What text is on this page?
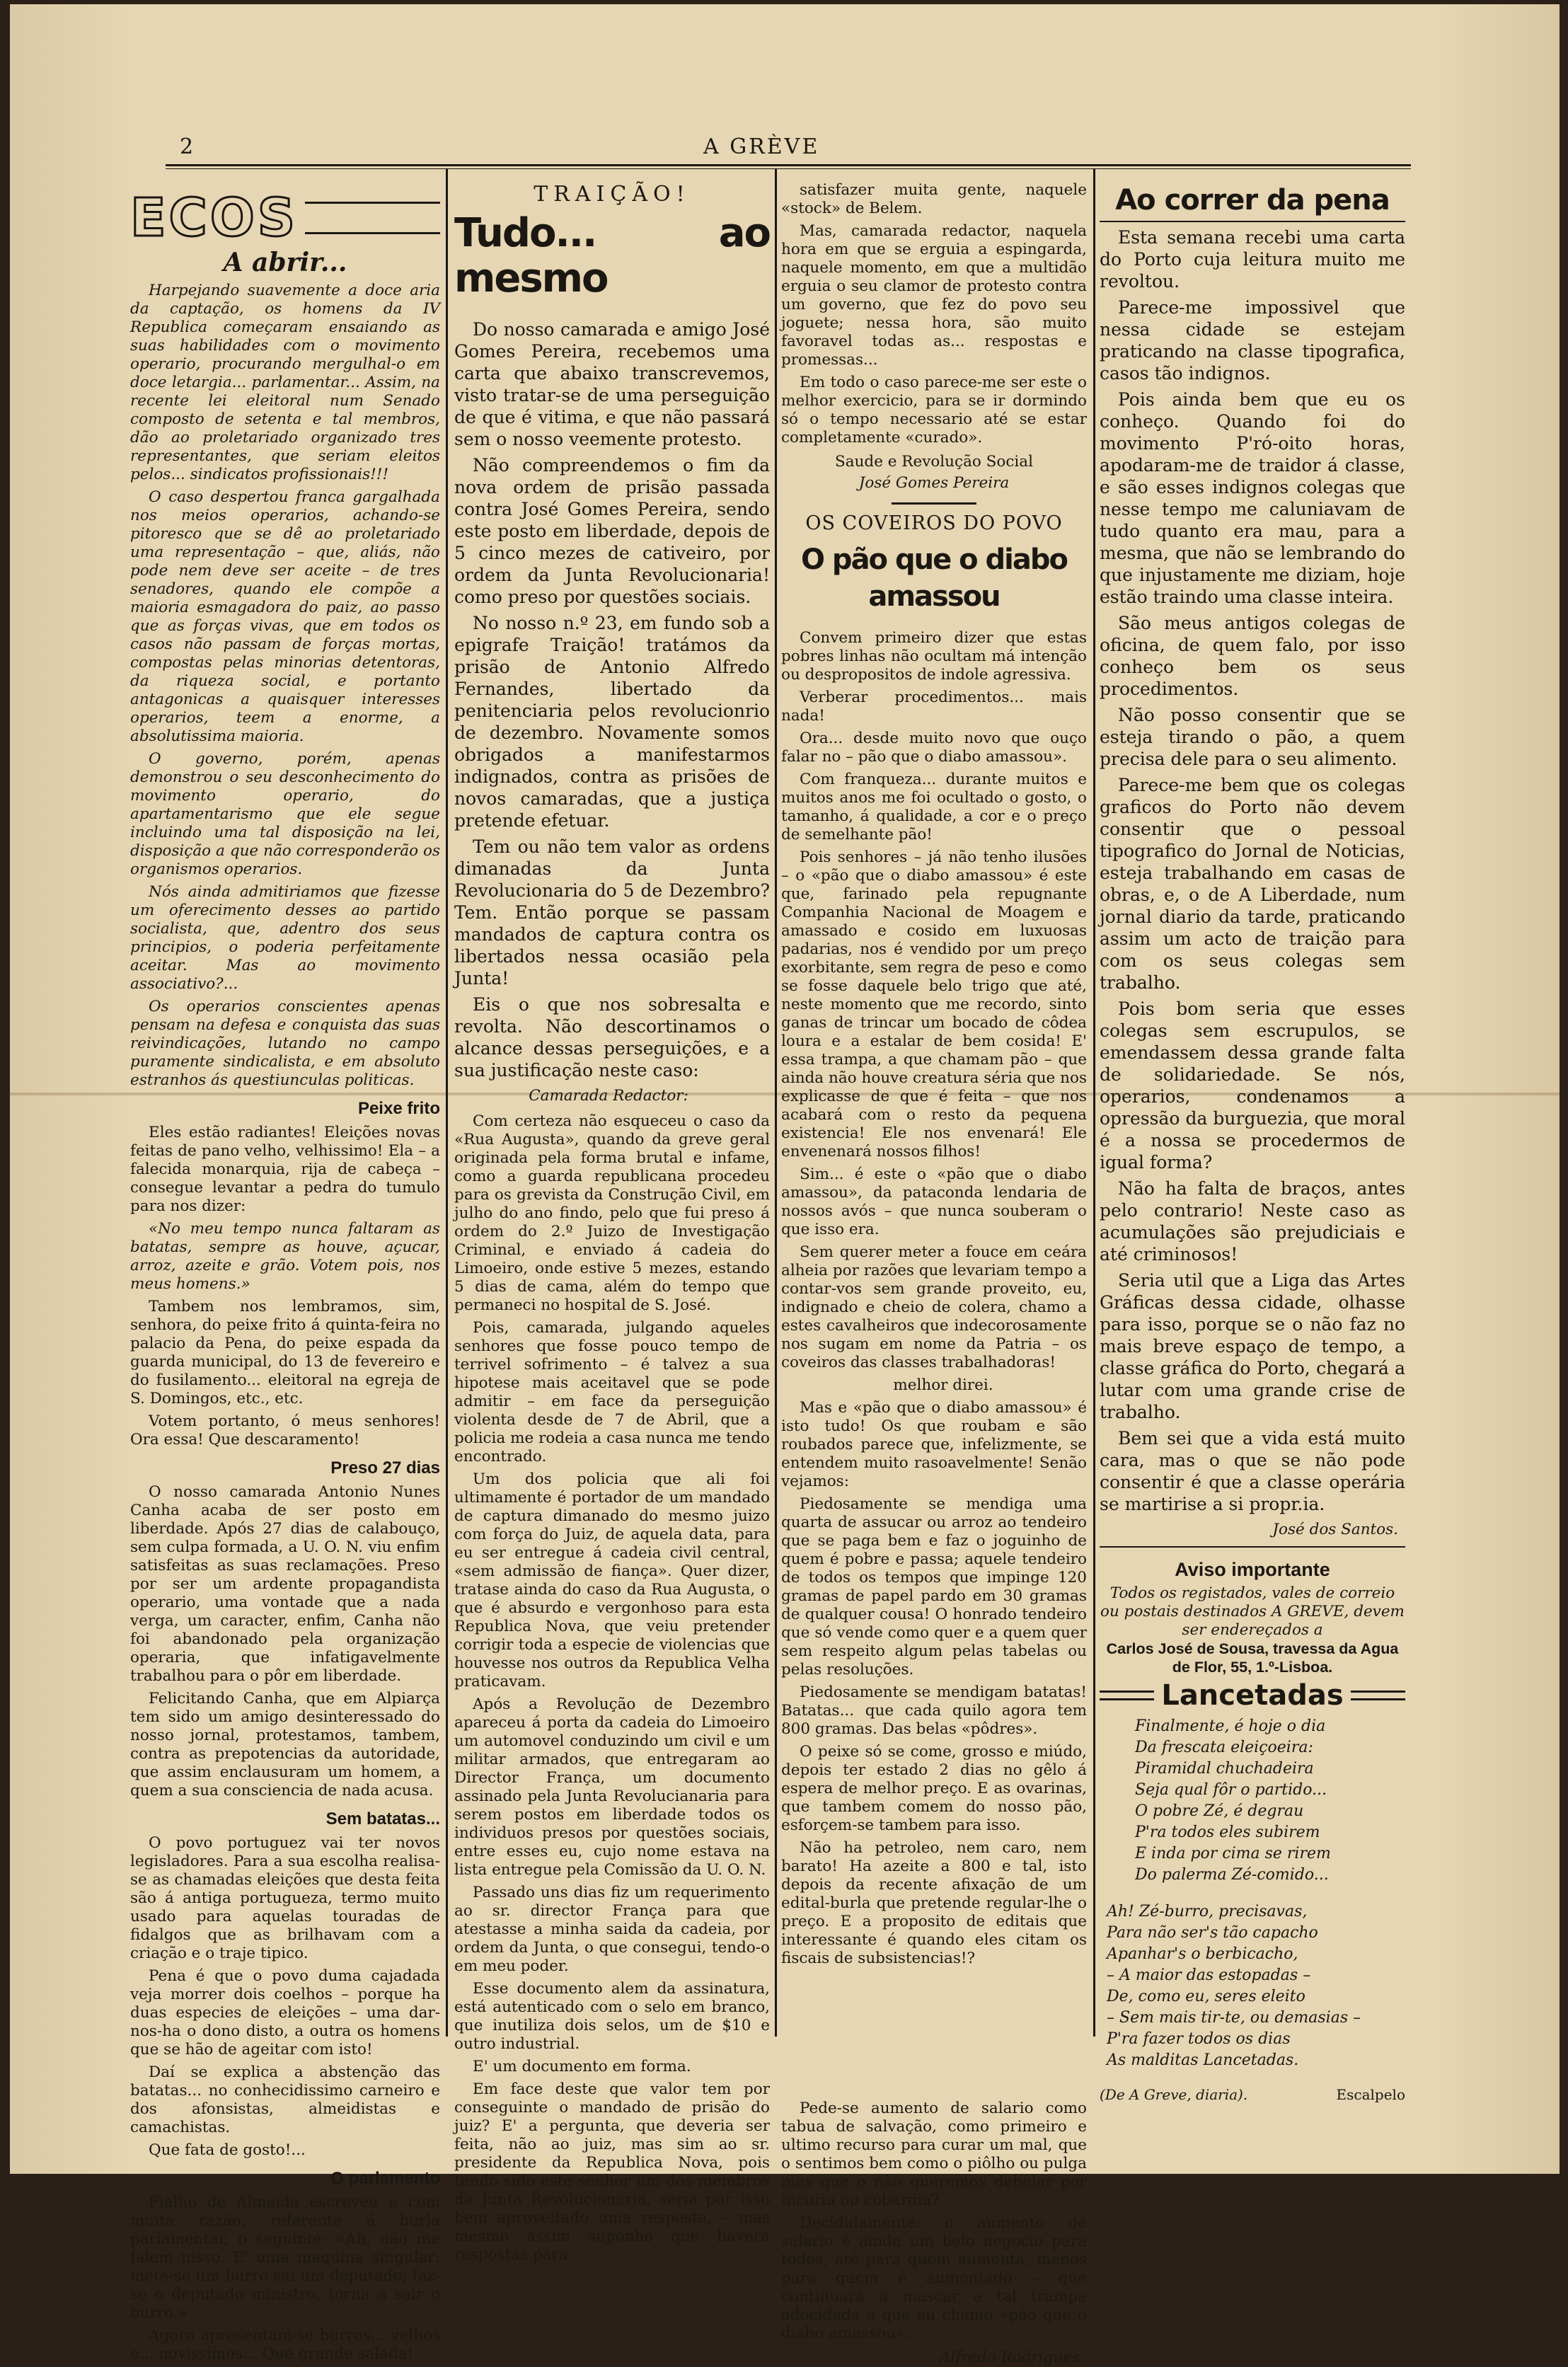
2	A GRÈVE
ECOS
A abrir...

Harpejando suavemente a doce aria da captação, os homens da IV Republica começaram ensaiando as suas habilidades com o movimento operario, procurando mergulhal-o em doce letargia... parlamentar... Assim, na recente lei eleitoral num Senado composto de setenta e tal membros, dão ao proletariado organizado tres representantes, que seriam eleitos pelos... sindicatos profissionais!!!

O caso despertou franca gargalhada nos meios operarios, achando-se pitoresco que se dê ao proletariado uma representação – que, aliás, não pode nem deve ser aceite – de tres senadores, quando ele compõe a maioria esmagadora do paiz, ao passo que as forças vivas, que em todos os casos não passam de forças mortas, compostas pelas minorias detentoras, da riqueza social, e portanto antagonicas a quaisquer interesses operarios, teem a enorme, a absolutissima maioria.

O governo, porém, apenas demonstrou o seu desconhecimento do movimento operario, do apartamentarismo que ele segue incluindo uma tal disposição na lei, disposição a que não corresponderão os organismos operarios.

Nós ainda admitiriamos que fizesse um oferecimento desses ao partido socialista, que, adentro dos seus principios, o poderia perfeitamente aceitar. Mas ao movimento associativo?...

Os operarios conscientes apenas pensam na defesa e conquista das suas reivindicações, lutando no campo puramente sindicalista, e em absoluto estranhos ás questiunculas politicas.

Peixe frito

Eles estão radiantes! Eleições novas feitas de pano velho, velhissimo! Ela – a falecida monarquia, rija de cabeça – consegue levantar a pedra do tumulo para nos dizer:

«No meu tempo nunca faltaram as batatas, sempre as houve, açucar, arroz, azeite e grão. Votem pois, nos meus homens.»

Tambem nos lembramos, sim, senhora, do peixe frito á quinta-feira no palacio da Pena, do peixe espada da guarda municipal, do 13 de fevereiro e do fusilamento... eleitoral na egreja de S. Domingos, etc., etc.

Votem portanto, ó meus senhores! Ora essa! Que descaramento!

Preso 27 dias

O nosso camarada Antonio Nunes Canha acaba de ser posto em liberdade. Após 27 dias de calabouço, sem culpa formada, a U. O. N. viu enfim satisfeitas as suas reclamações. Preso por ser um ardente propagandista operario, uma vontade que a nada verga, um caracter, enfim, Canha não foi abandonado pela organização operaria, que infatigavelmente trabalhou para o pôr em liberdade.

Felicitando Canha, que em Alpiarça tem sido um amigo desinteressado do nosso jornal, protestamos, tambem, contra as prepotencias da autoridade, que assim enclausuram um homem, a quem a sua consciencia de nada acusa.

Sem batatas...

O povo portuguez vai ter novos legisladores. Para a sua escolha realisa-se as chamadas eleições que desta feita são á antiga portugueza, termo muito usado para aquelas touradas de fidalgos que as brilhavam com a criação e o traje tipico.

Pena é que o povo duma cajadada veja morrer dois coelhos – porque ha duas especies de eleições – uma dar-nos-ha o dono disto, a outra os homens que se hão de ageitar com isto!

Daí se explica a abstenção das batatas... no conhecidissimo carneiro e dos afonsistas, almeidistas e camachistas.

Que fata de gosto!...

O parlamento

Fialho de Almeida escreveu e com muita razão, referente á burla parlamentar, o seguinte: «Ah, não me falem nisso. E' uma maquina singular: mete-se um burro sai um deputado; faz-se o deputado ministro, torna a sair o burro.»

Agora apresentam-se burros... velhos e... novissimos... Que grande salada!

TRAIÇÃO!
Tudo... ao mesmo

Do nosso camarada e amigo José Gomes Pereira, recebemos uma carta que abaixo transcrevemos, visto tratar-se de uma perseguição de que é vitima, e que não passará sem o nosso veemente protesto.

Não compreendemos o fim da nova ordem de prisão passada contra José Gomes Pereira, sendo este posto em liberdade, depois de 5 cinco mezes de cativeiro, por ordem da Junta Revolucionaria! como preso por questões sociais.

No nosso n.º 23, em fundo sob a epigrafe Traição! tratámos da prisão de Antonio Alfredo Fernandes, libertado da penitenciaria pelos revolucionrio de dezembro. Novamente somos obrigados a manifestarmos indignados, contra as prisões de novos camaradas, que a justiça pretende efetuar.

Tem ou não tem valor as ordens dimanadas da Junta Revolucionaria do 5 de Dezembro? Tem. Então porque se passam mandados de captura contra os libertados nessa ocasião pela Junta!

Eis o que nos sobresalta e revolta. Não descortinamos o alcance dessas perseguições, e a sua justificação neste caso:

Camarada Redactor:

Com certeza não esqueceu o caso da «Rua Augusta», quando da greve geral originada pela forma brutal e infame, como a guarda republicana procedeu para os grevista da Construção Civil, em julho do ano findo, pelo que fui preso á ordem do 2.º Juizo de Investigação Criminal, e enviado á cadeia do Limoeiro, onde estive 5 mezes, estando 5 dias de cama, além do tempo que permaneci no hospital de S. José.

Pois, camarada, julgando aqueles senhores que fosse pouco tempo de terrivel sofrimento – é talvez a sua hipotese mais aceitavel que se pode admitir – em face da perseguição violenta desde de 7 de Abril, que a policia me rodeia a casa nunca me tendo encontrado.

Um dos policia que ali foi ultimamente é portador de um mandado de captura dimanado do mesmo juizo com força do Juiz, de aquela data, para eu ser entregue á cadeia civil central, «sem admissão de fiança». Quer dizer, tratase ainda do caso da Rua Augusta, o que é absurdo e vergonhoso para esta Republica Nova, que veiu pretender corrigir toda a especie de violencias que houvesse nos outros da Republica Velha praticavam.

Após a Revolução de Dezembro apareceu á porta da cadeia do Limoeiro um automovel conduzindo um civil e um militar armados, que entregaram ao Director França, um documento assinado pela Junta Revolucianaria para serem postos em liberdade todos os individuos presos por questões sociais, entre esses eu, cujo nome estava na lista entregue pela Comissão da U. O. N.

Passado uns dias fiz um requerimento ao sr. director França para que atestasse a minha saida da cadeia, por ordem da Junta, o que consegui, tendo-o em meu poder.

Esse documento alem da assinatura, está autenticado com o selo em branco, que inutiliza dois selos, um de $10 e outro industrial.

E' um documento em forma.

Em face deste que valor tem por conseguinte o mandado de prisão do juiz? E' a pergunta, que deveria ser feita, não ao juiz, mas sim ao sr. presidente da Republica Nova, pois tendo sido este senhor um dos membros da Junta Revolucionaria, seria por isso bem aproveitado uma resposta, – mas mesmo assim suponho que haverá respostas para

satisfazer muita gente, naquele «stock» de Belem.

Mas, camarada redactor, naquela hora em que se erguia a espingarda, naquele momento, em que a multidão erguia o seu clamor de protesto contra um governo, que fez do povo seu joguete; nessa hora, são muito favoravel todas as... respostas e promessas...

Em todo o caso parece-me ser este o melhor exercicio, para se ir dormindo só o tempo necessario até se estar completamente «curado».

Saude e Revolução Social
José Gomes Pereira
OS COVEIROS DO POVO
O pão que o diabo amassou

Convem primeiro dizer que estas pobres linhas não ocultam má intenção ou despropositos de indole agressiva.

Verberar procedimentos... mais nada!

Ora... desde muito novo que ouço falar no – pão que o diabo amassou».

Com franqueza... durante muitos e muitos anos me foi ocultado o gosto, o tamanho, á qualidade, a cor e o preço de semelhante pão!

Pois senhores – já não tenho ilusões – o «pão que o diabo amassou» é este que, farinado pela repugnante Companhia Nacional de Moagem e amassado e cosido em luxuosas padarias, nos é vendido por um preço exorbitante, sem regra de peso e como se fosse daquele belo trigo que até, neste momento que me recordo, sinto ganas de trincar um bocado de côdea loura e a estalar de bem cosida! E' essa trampa, a que chamam pão – que ainda não houve creatura séria que nos explicasse de que é feita – que nos acabará com o resto da pequena existencia! Ele nos envenará! Ele envenenará nossos filhos!

Sim... é este o «pão que o diabo amassou», da pataconda lendaria de nossos avós – que nunca souberam o que isso era.

Sem querer meter a fouce em ceára alheia por razões que levariam tempo a contar-vos sem grande proveito, eu, indignado e cheio de colera, chamo a estes cavalheiros que indecorosamente nos sugam em nome da Patria – os coveiros das classes trabalhadoras!

melhor direi.

Mas e «pão que o diabo amassou» é isto tudo! Os que roubam e são roubados parece que, infelizmente, se entendem muito rasoavelmente! Senão vejamos:

Piedosamente se mendiga uma quarta de assucar ou arroz ao tendeiro que se paga bem e faz o joguinho de quem é pobre e passa; aquele tendeiro de todos os tempos que impinge 120 gramas de papel pardo em 30 gramas de qualquer cousa! O honrado tendeiro que só vende como quer e a quem quer sem respeito algum pelas tabelas ou pelas resoluções.

Piedosamente se mendigam batatas! Batatas... que cada quilo agora tem 800 gramas. Das belas «pôdres».

O peixe só se come, grosso e miúdo, depois ter estado 2 dias no gêlo á espera de melhor preço. E as ovarinas, que tambem comem do nosso pão, esforçem-se tambem para isso.

Não ha petroleo, nem caro, nem barato! Ha azeite a 800 e tal, isto depois da recente afixação de um edital-burla que pretende regular-lhe o preço. E a proposito de editais que interessante é quando eles citam os fiscais de subsistencias!?

Pede-se aumento de salario como tabua de salvação, como primeiro e ultimo recurso para curar um mal, que o sentimos bem como o piôlho ou pulga mas que o não queremos debelar por incuria ou cobardia?

Decididamente: o aumento de salario é ainda um belo negocio para todos, até para quem aumenta, menos para quem é aumentado – que continuará a mascar a tal trampa adocidada a que eu chamo «pão que o diabo amassou».

Alfredo Rodrigues
Ao correr da pena

Esta semana recebi uma carta do Porto cuja leitura muito me revoltou.

Parece-me impossivel que nessa cidade se estejam praticando na classe tipografica, casos tão indignos.

Pois ainda bem que eu os conheço. Quando foi do movimento P'ró-oito horas, apodaram-me de traidor á classe, e são esses indignos colegas que nesse tempo me caluniavam de tudo quanto era mau, para a mesma, que não se lembrando do que injustamente me diziam, hoje estão traindo uma classe inteira.

São meus antigos colegas de oficina, de quem falo, por isso conheço bem os seus procedimentos.

Não posso consentir que se esteja tirando o pão, a quem precisa dele para o seu alimento.

Parece-me bem que os colegas graficos do Porto não devem consentir que o pessoal tipografico do Jornal de Noticias, esteja trabalhando em casas de obras, e, o de A Liberdade, num jornal diario da tarde, praticando assim um acto de traição para com os seus colegas sem trabalho.

Pois bom seria que esses colegas sem escrupulos, se emendassem dessa grande falta de solidariedade. Se nós, operarios, condenamos a opressão da burguezia, que moral é a nossa se procedermos de igual forma?

Não ha falta de braços, antes pelo contrario! Neste caso as acumulações são prejudiciais e até criminosos!

Seria util que a Liga das Artes Gráficas dessa cidade, olhasse para isso, porque se o não faz no mais breve espaço de tempo, a classe gráfica do Porto, chegará a lutar com uma grande crise de trabalho.

Bem sei que a vida está muito cara, mas o que se não pode consentir é que a classe operária se martirise a si propr.ia.

José dos Santos.
Aviso importante
Todos os registados, vales de correio ou postais destinados A GREVE, devem ser endereçados a
Carlos José de Sousa, travessa da Agua de Flor, 55, 1.º-Lisboa.
Lancetadas
Finalmente, é hoje o dia
Da frescata eleiçoeira:
Piramidal chuchadeira
Seja qual fôr o partido...
O pobre Zé, é degrau
P'ra todos eles subirem
E inda por cima se rirem
Do palerma Zé-comido...
Ah! Zé-burro, precisavas,
Para não ser's tão capacho
Apanhar's o berbicacho,
– A maior das estopadas –
De, como eu, seres eleito
– Sem mais tir-te, ou demasias –
P'ra fazer todos os dias
As malditas Lancetadas.
(De A Greve, diaria).	Escalpelo
